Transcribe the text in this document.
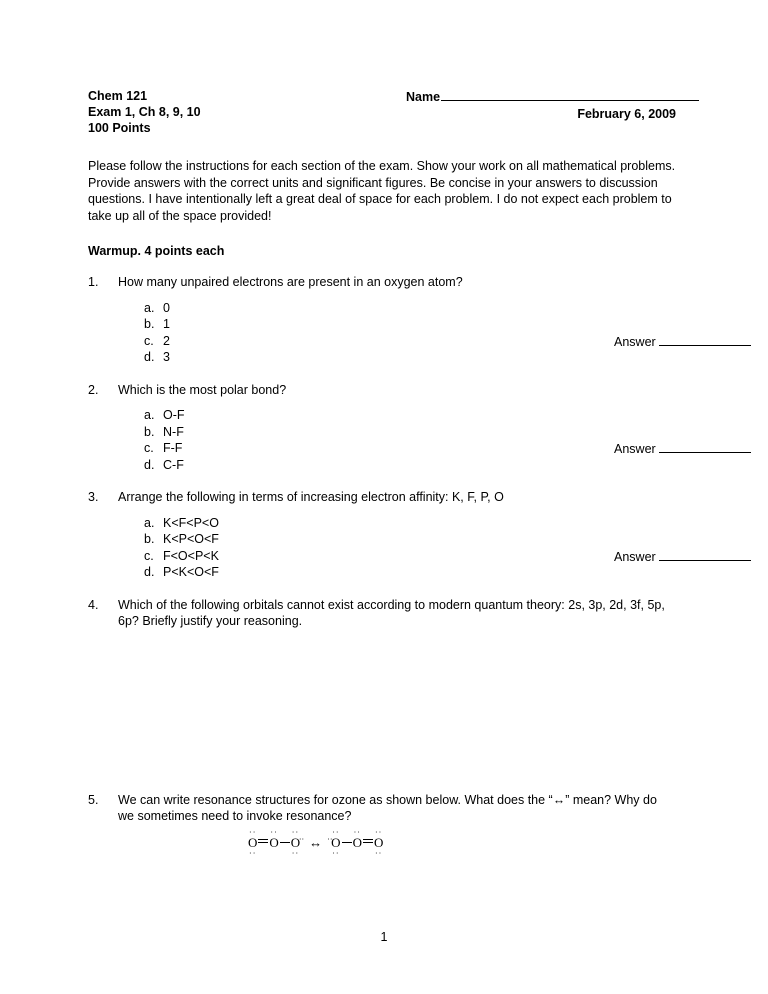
Chem 121
Exam 1, Ch 8, 9, 10
100 Points
Name
February 6, 2009
Please follow the instructions for each section of the exam. Show your work on all mathematical problems. Provide answers with the correct units and significant figures. Be concise in your answers to discussion questions. I have intentionally left a great deal of space for each problem. I do not expect each problem to take up all of the space provided!
Warmup. 4 points each
1.	How many unpaired electrons are present in an oxygen atom?
a. 0
b. 1
c. 2
d. 3
Answer
2.	Which is the most polar bond?
a. O-F
b. N-F
c. F-F
d. C-F
Answer
3.	Arrange the following in terms of increasing electron affinity: K, F, P, O
a. K<F<P<O
b. K<P<O<F
c. F<O<P<K
d. P<K<O<F
Answer
4.	Which of the following orbitals cannot exist according to modern quantum theory: 2s, 3p, 2d, 3f, 5p, 6p? Briefly justify your reasoning.
5.	We can write resonance structures for ozone as shown below. What does the “↔” mean? Why do we sometimes need to invoke resonance?
··
··
O
··
O
··
··
··
O ↔
··
··
··
O
··
O
··
··
O
1
